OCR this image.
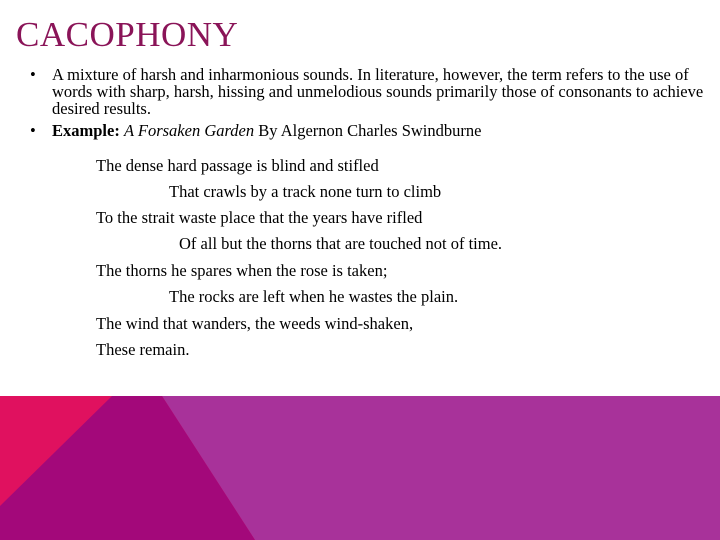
CACOPHONY
• A mixture of harsh and inharmonious sounds. In literature, however, the term refers to the use of words with sharp, harsh, hissing and unmelodious sounds primarily those of consonants to achieve desired results.
• Example: A Forsaken Garden By Algernon Charles Swindburne
The dense hard passage is blind and stifled
That crawls by a track none turn to climb
To the strait waste place that the years have rifled
Of all but the thorns that are touched not of time.
The thorns he spares when the rose is taken;
The rocks are left when he wastes the plain.
The wind that wanders, the weeds wind-shaken,
These remain.
